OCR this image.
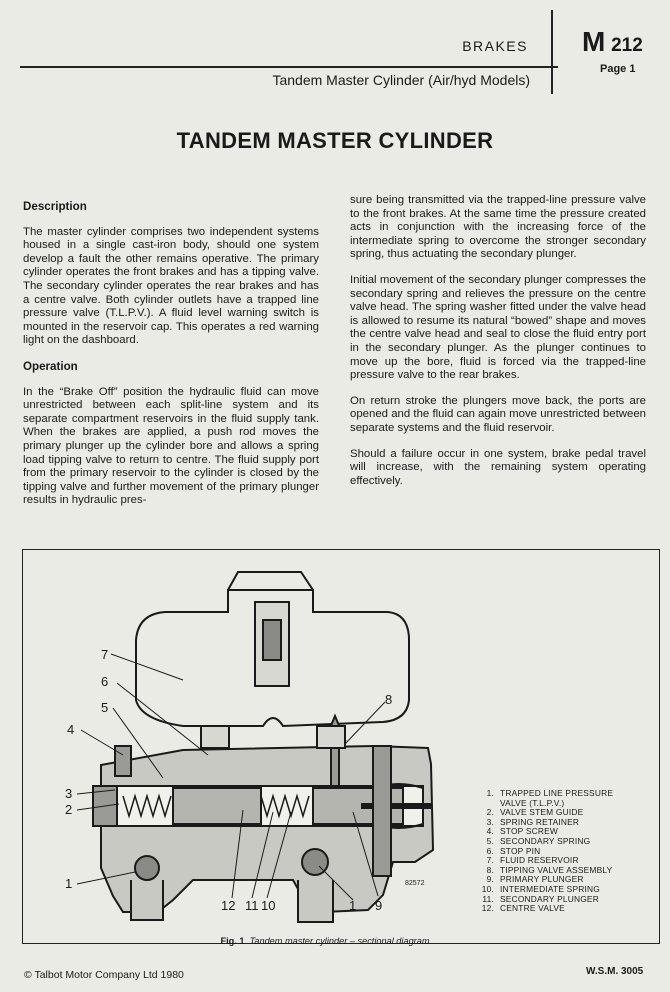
BRAKES
Tandem Master Cylinder (Air/hyd Models)
M 212
Page 1
TANDEM MASTER CYLINDER
Description

The master cylinder comprises two independent systems housed in a single cast-iron body, should one system develop a fault the other remains operative. The primary cylinder operates the front brakes and has a tipping valve. The secondary cylinder operates the rear brakes and has a centre valve. Both cylinder outlets have a trapped line pressure valve (T.L.P.V.). A fluid level warning switch is mounted in the reservoir cap. This operates a red warning light on the dashboard.

Operation

In the “Brake Off” position the hydraulic fluid can move unrestricted between each split-line system and its separate compartment reservoirs in the fluid supply tank. When the brakes are applied, a push rod moves the primary plunger up the cylinder bore and allows a spring load tipping valve to return to centre. The fluid supply port from the primary reservoir to the cylinder is closed by the tipping valve and further movement of the primary plunger results in hydraulic pres-

sure being transmitted via the trapped-line pressure valve to the front brakes. At the same time the pressure created acts in conjunction with the increasing force of the intermediate spring to overcome the stronger secondary spring, thus actuating the secondary plunger.

Initial movement of the secondary plunger compresses the secondary spring and relieves the pressure on the centre valve head. The spring washer fitted under the valve head is allowed to resume its natural “bowed” shape and moves the centre valve head and seal to close the fluid entry port in the secondary plunger. As the plunger continues to move up the bore, fluid is forced via the trapped-line pressure valve to the rear brakes.

On return stroke the plungers move back, the ports are opened and the fluid can again move unrestricted between separate systems and the fluid reservoir.

Should a failure occur in one system, brake pedal travel will increase, with the remaining system operating effectively.

7
6
5
4
3
2
1
8
12 11 10	1 9
82572
1. TRAPPED LINE PRESSURE
VALVE (T.L.P.V.)
2. VALVE STEM GUIDE
3. SPRING RETAINER
4. STOP SCREW
5. SECONDARY SPRING
6. STOP PIN
7. FLUID RESERVOIR
8. TIPPING VALVE ASSEMBLY
9. PRIMARY PLUNGER
10. INTERMEDIATE SPRING
11. SECONDARY PLUNGER
12. CENTRE VALVE
Fig. 1 Tandem master cylinder – sectional diagram
© Talbot Motor Company Ltd 1980	W.S.M. 3005
